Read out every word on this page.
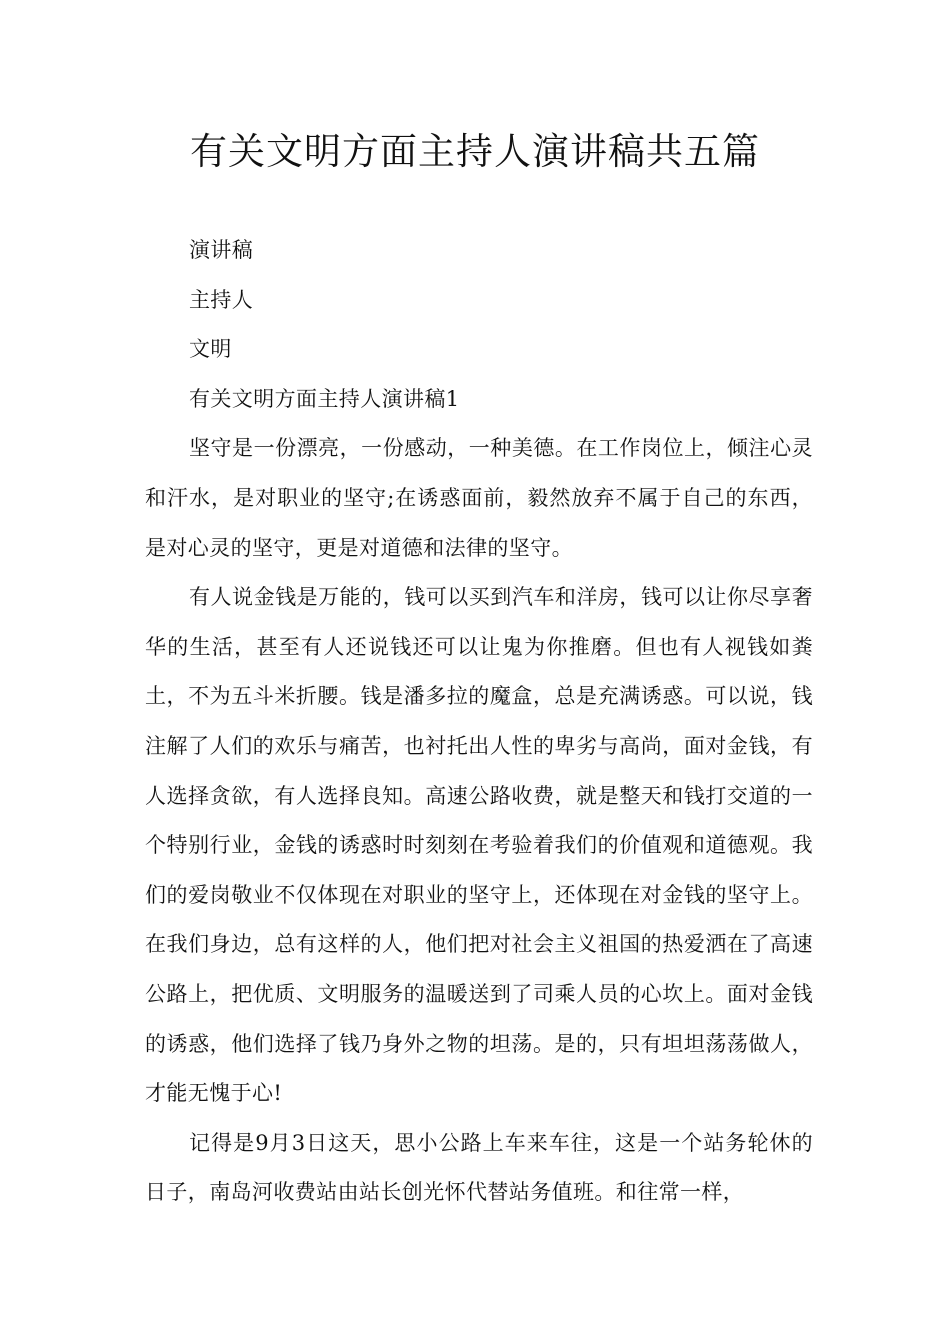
有关文明方面主持人演讲稿共五篇

演讲稿

主持人

文明

有关文明方面主持人演讲稿1

坚守是一份漂亮，一份感动，一种美德。在工作岗位上，倾注心灵和汗水，是对职业的坚守;在诱惑面前，毅然放弃不属于自己的东西，是对心灵的坚守，更是对道德和法律的坚守。

有人说金钱是万能的，钱可以买到汽车和洋房，钱可以让你尽享奢华的生活，甚至有人还说钱还可以让鬼为你推磨。但也有人视钱如粪土，不为五斗米折腰。钱是潘多拉的魔盒，总是充满诱惑。可以说，钱注解了人们的欢乐与痛苦，也衬托出人性的卑劣与高尚，面对金钱，有人选择贪欲，有人选择良知。高速公路收费，就是整天和钱打交道的一个特别行业，金钱的诱惑时时刻刻在考验着我们的价值观和道德观。我们的爱岗敬业不仅体现在对职业的坚守上，还体现在对金钱的坚守上。在我们身边，总有这样的人，他们把对社会主义祖国的热爱洒在了高速公路上，把优质、文明服务的温暖送到了司乘人员的心坎上。面对金钱的诱惑，他们选择了钱乃身外之物的坦荡。是的，只有坦坦荡荡做人，才能无愧于心!

记得是9月3日这天，思小公路上车来车往，这是一个站务轮休的日子，南岛河收费站由站长创光怀代替站务值班。和往常一样，
